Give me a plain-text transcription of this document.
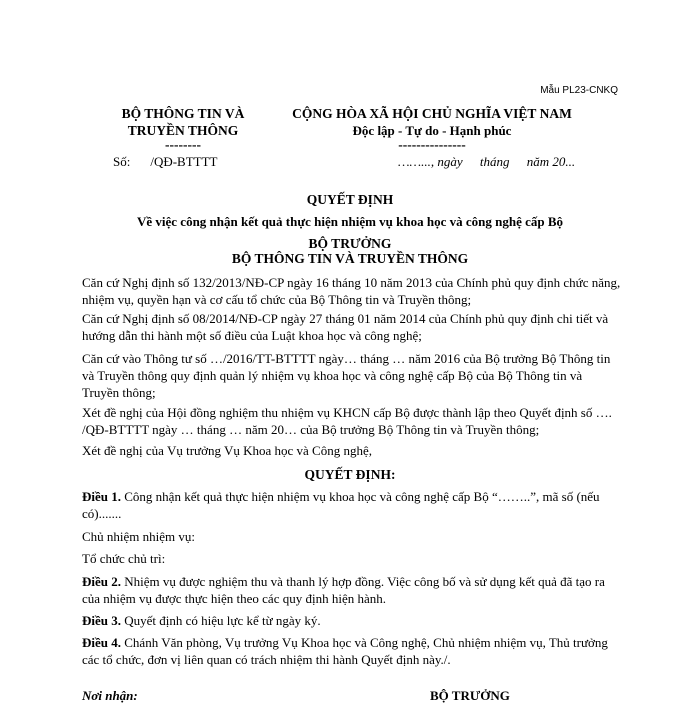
Mẫu PL23-CNKQ
BỘ THÔNG TIN VÀ
TRUYỀN THÔNG
--------
CỘNG HÒA XÃ HỘI CHỦ NGHĨA VIỆT NAM
Độc lập - Tự do - Hạnh phúc
---------------
Số: /QĐ-BTTTT	……..., ngày tháng năm 20...
QUYẾT ĐỊNH
Về việc công nhận kết quả thực hiện nhiệm vụ khoa học và công nghệ cấp Bộ
BỘ TRƯỞNG
BỘ THÔNG TIN VÀ TRUYỀN THÔNG
Căn cứ Nghị định số 132/2013/NĐ-CP ngày 16 tháng 10 năm 2013 của Chính phủ quy định chức năng, nhiệm vụ, quyền hạn và cơ cấu tổ chức của Bộ Thông tin và Truyền thông;
Căn cứ Nghị định số 08/2014/NĐ-CP ngày 27 tháng 01 năm 2014 của Chính phủ quy định chi tiết và hướng dẫn thi hành một số điều của Luật khoa học và công nghệ;
Căn cứ vào Thông tư số …/2016/TT-BTTTT ngày… tháng … năm 2016 của Bộ trưởng Bộ Thông tin và Truyền thông quy định quản lý nhiệm vụ khoa học và công nghệ cấp Bộ của Bộ Thông tin và Truyền thông;
Xét đề nghị của Hội đồng nghiệm thu nhiệm vụ KHCN cấp Bộ được thành lập theo Quyết định số …. /QĐ-BTTTT ngày … tháng … năm 20… của Bộ trưởng Bộ Thông tin và Truyền thông;
Xét đề nghị của Vụ trưởng Vụ Khoa học và Công nghệ,
QUYẾT ĐỊNH:
Điều 1. Công nhận kết quả thực hiện nhiệm vụ khoa học và công nghệ cấp Bộ “……..”, mã số (nếu có).......
Chủ nhiệm nhiệm vụ:
Tổ chức chủ trì:
Điều 2. Nhiệm vụ được nghiệm thu và thanh lý hợp đồng. Việc công bố và sử dụng kết quả đã tạo ra của nhiệm vụ được thực hiện theo các quy định hiện hành.
Điều 3. Quyết định có hiệu lực kể từ ngày ký.
Điều 4. Chánh Văn phòng, Vụ trưởng Vụ Khoa học và Công nghệ, Chủ nhiệm nhiệm vụ, Thủ trưởng các tổ chức, đơn vị liên quan có trách nhiệm thi hành Quyết định này./.
Nơi nhận:	BỘ TRƯỞNG
